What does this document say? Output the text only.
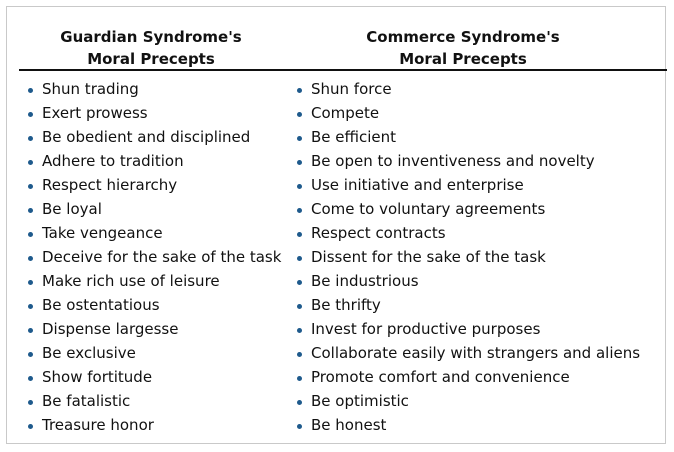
Guardian Syndrome's
Moral Precepts
Commerce Syndrome's
Moral Precepts
Shun trading
Exert prowess
Be obedient and disciplined
Adhere to tradition
Respect hierarchy
Be loyal
Take vengeance
Deceive for the sake of the task
Make rich use of leisure
Be ostentatious
Dispense largesse
Be exclusive
Show fortitude
Be fatalistic
Treasure honor
Shun force
Compete
Be efficient
Be open to inventiveness and novelty
Use initiative and enterprise
Come to voluntary agreements
Respect contracts
Dissent for the sake of the task
Be industrious
Be thrifty
Invest for productive purposes
Collaborate easily with strangers and aliens
Promote comfort and convenience
Be optimistic
Be honest
